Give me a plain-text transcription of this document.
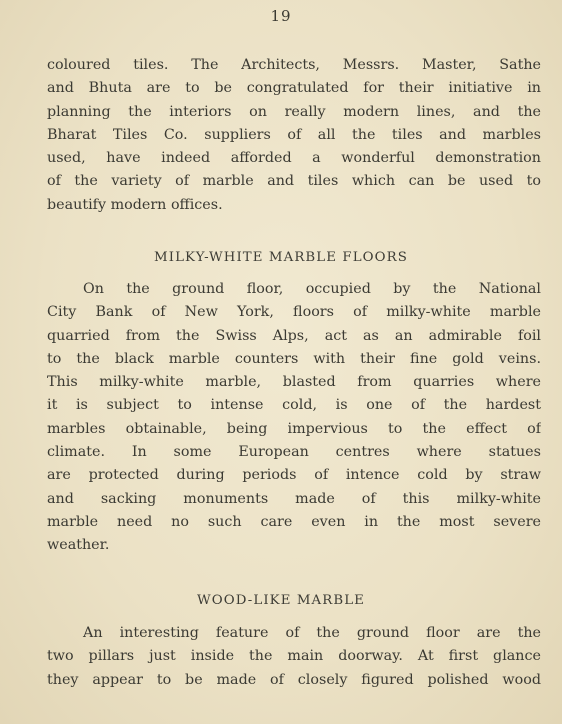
19
coloured tiles. The Architects, Messrs. Master, Sathe
and Bhuta are to be congratulated for their initiative in
planning the interiors on really modern lines, and the
Bharat Tiles Co. suppliers of all the tiles and marbles
used, have indeed afforded a wonderful demonstration
of the variety of marble and tiles which can be used to
beautify modern offices.
MILKY-WHITE MARBLE FLOORS
On the ground floor, occupied by the National
City Bank of New York, floors of milky-white marble
quarried from the Swiss Alps, act as an admirable foil
to the black marble counters with their fine gold veins.
This milky-white marble, blasted from quarries where
it is subject to intense cold, is one of the hardest
marbles obtainable, being impervious to the effect of
climate. In some European centres where statues
are protected during periods of intence cold by straw
and sacking monuments made of this milky-white
marble need no such care even in the most severe
weather.
WOOD-LIKE MARBLE
An interesting feature of the ground floor are the
two pillars just inside the main doorway. At first glance
they appear to be made of closely figured polished wood
